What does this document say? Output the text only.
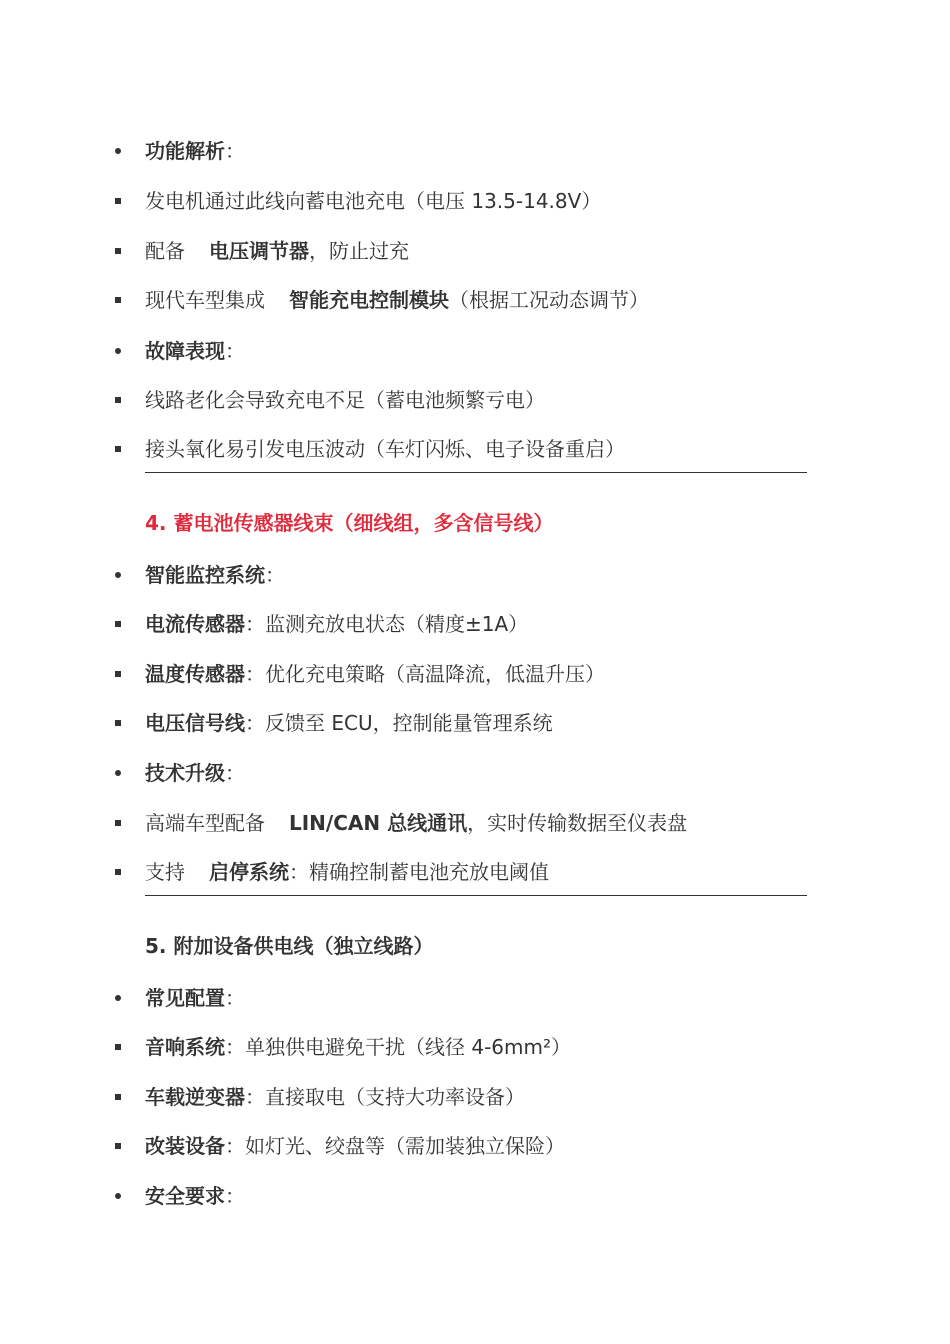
功能解析：
发电机通过此线向蓄电池充电（电压 13.5-14.8V）
配备 电压调节器，防止过充
现代车型集成 智能充电控制模块（根据工况动态调节）
故障表现：
线路老化会导致充电不足（蓄电池频繁亏电）
接头氧化易引发电压波动（车灯闪烁、电子设备重启）
4. 蓄电池传感器线束（细线组，多含信号线）
智能监控系统：
电流传感器：监测充放电状态（精度±1A）
温度传感器：优化充电策略（高温降流，低温升压）
电压信号线：反馈至 ECU，控制能量管理系统
技术升级：
高端车型配备 LIN/CAN 总线通讯，实时传输数据至仪表盘
支持 启停系统：精确控制蓄电池充放电阈值
5. 附加设备供电线（独立线路）
常见配置：
音响系统：单独供电避免干扰（线径 4-6mm²）
车载逆变器：直接取电（支持大功率设备）
改装设备：如灯光、绞盘等（需加装独立保险）
安全要求：
